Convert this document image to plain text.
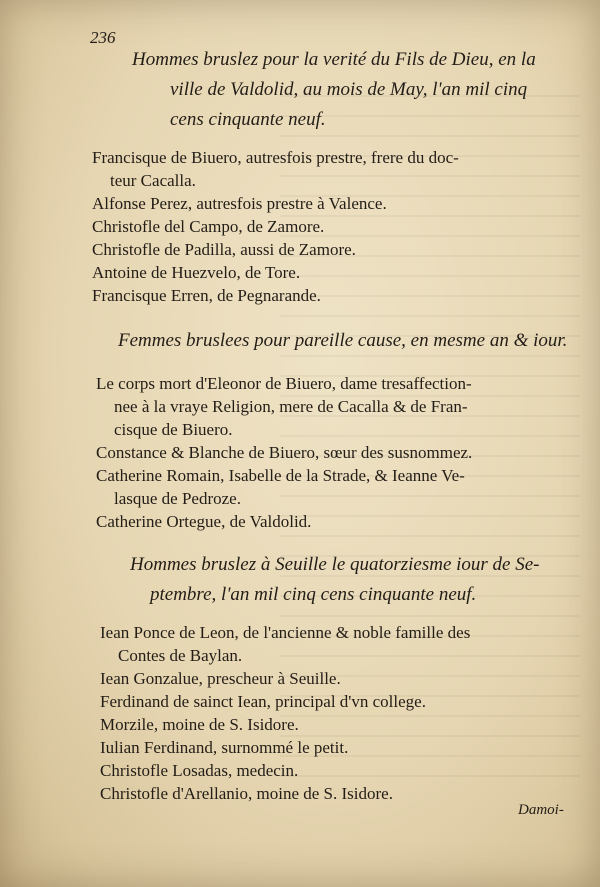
236
Hommes bruslez pour la verité du Fils de Dieu, en la
ville de Valdolid, au mois de May, l'an mil cinq
cens cinquante neuf.
Francisque de Biuero, autresfois prestre, frere du doc-
teur Cacalla.
Alfonse Perez, autresfois prestre à Valence.
Christofle del Campo, de Zamore.
Christofle de Padilla, aussi de Zamore.
Antoine de Huezvelo, de Tore.
Francisque Erren, de Pegnarande.
Femmes bruslees pour pareille cause, en mesme an & iour.
Le corps mort d'Eleonor de Biuero, dame tresaffection-
nee à la vraye Religion, mere de Cacalla & de Fran-
cisque de Biuero.
Constance & Blanche de Biuero, sœur des susnommez.
Catherine Romain, Isabelle de la Strade, & Ieanne Ve-
lasque de Pedroze.
Catherine Ortegue, de Valdolid.
Hommes bruslez à Seuille le quatorziesme iour de Se-
ptembre, l'an mil cinq cens cinquante neuf.
Iean Ponce de Leon, de l'ancienne & noble famille des
Contes de Baylan.
Iean Gonzalue, prescheur à Seuille.
Ferdinand de sainct Iean, principal d'vn college.
Morzile, moine de S. Isidore.
Iulian Ferdinand, surnommé le petit.
Christofle Losadas, medecin.
Christofle d'Arellanio, moine de S. Isidore.
Damoi-
